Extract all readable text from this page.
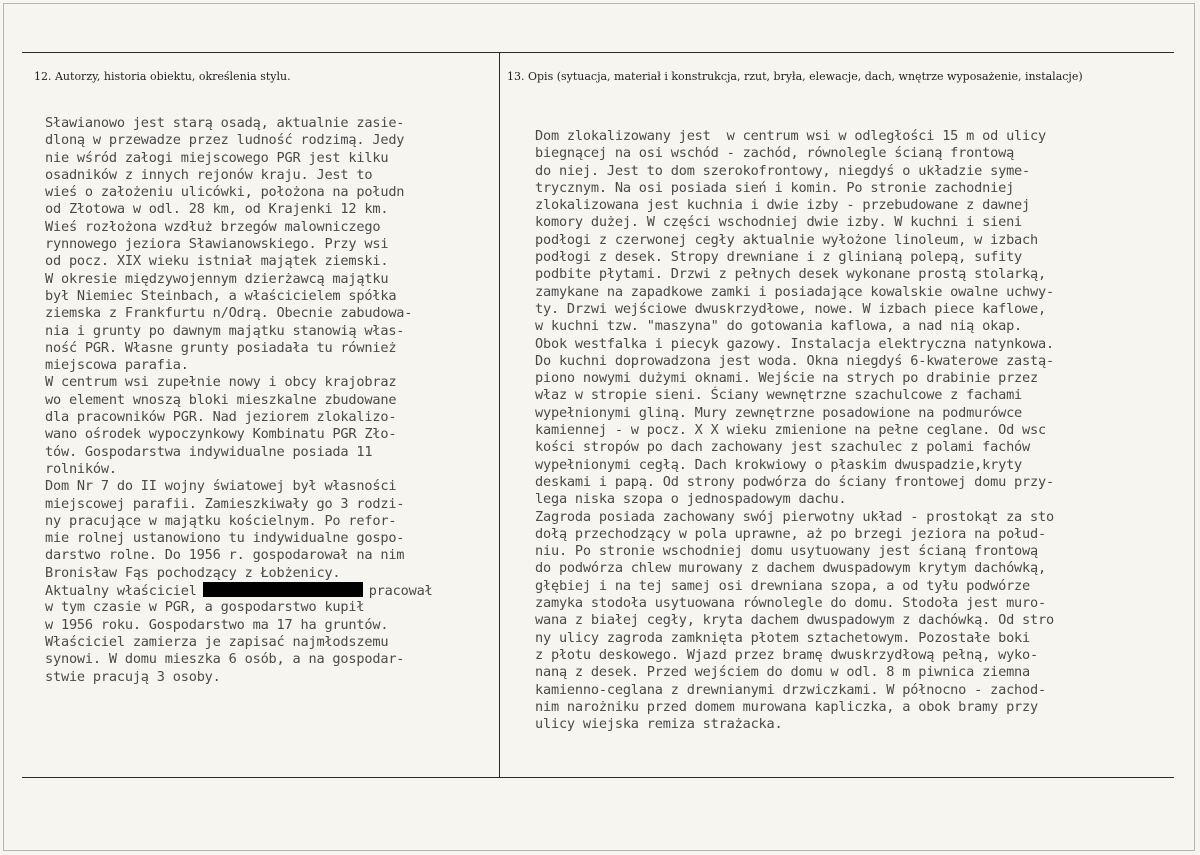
12. Autorzy, historia obiektu, określenia stylu.	13. Opis (sytuacja, materiał i konstrukcja, rzut, bryła, elewacje, dach, wnętrze wyposażenie, instalacje)
Sławianowo jest starą osadą, aktualnie zasie-
dloną w przewadze przez ludność rodzimą. Jedy
nie wśród załogi miejscowego PGR jest kilku
osadników z innych rejonów kraju. Jest to
wieś o założeniu ulicówki, położona na połudn
od Złotowa w odl. 28 km, od Krajenki 12 km.
Wieś rozłożona wzdłuż brzegów malowniczego
rynnowego jeziora Sławianowskiego. Przy wsi
od pocz. XIX wieku istniał majątek ziemski.
W okresie międzywojennym dzierżawcą majątku
był Niemiec Steinbach, a właścicielem spółka
ziemska z Frankfurtu n/Odrą. Obecnie zabudowa-
nia i grunty po dawnym majątku stanowią włas-
ność PGR. Własne grunty posiadała tu również
miejscowa parafia.
W centrum wsi zupełnie nowy i obcy krajobraz
wo element wnoszą bloki mieszkalne zbudowane
dla pracowników PGR. Nad jeziorem zlokalizo-
wano ośrodek wypoczynkowy Kombinatu PGR Zło-
tów. Gospodarstwa indywidualne posiada 11
rolników.
Dom Nr 7 do II wojny światowej był własności
miejscowej parafii. Zamieszkiwały go 3 rodzi-
ny pracujące w majątku kościelnym. Po refor-
mie rolnej ustanowiono tu indywidualne gospo-
darstwo rolne. Do 1956 r. gospodarował na nim
Bronisław Fąs pochodzący z Łobżenicy.
Aktualny właściciel	pracował
w tym czasie w PGR, a gospodarstwo kupił
w 1956 roku. Gospodarstwo ma 17 ha gruntów.
Właściciel zamierza je zapisać najmłodszemu
synowi. W domu mieszka 6 osób, a na gospodar-
stwie pracują 3 osoby.
Dom zlokalizowany jest  w centrum wsi w odległości 15 m od ulicy
biegnącej na osi wschód - zachód, równolegle ścianą frontową
do niej. Jest to dom szerokofrontowy, niegdyś o układzie syme-
trycznym. Na osi posiada sień i komin. Po stronie zachodniej
zlokalizowana jest kuchnia i dwie izby - przebudowane z dawnej
komory dużej. W części wschodniej dwie izby. W kuchni i sieni
podłogi z czerwonej cegły aktualnie wyłożone linoleum, w izbach
podłogi z desek. Stropy drewniane i z glinianą polepą, sufity
podbite płytami. Drzwi z pełnych desek wykonane prostą stolarką,
zamykane na zapadkowe zamki i posiadające kowalskie owalne uchwy-
ty. Drzwi wejściowe dwuskrzydłowe, nowe. W izbach piece kaflowe,
w kuchni tzw. "maszyna" do gotowania kaflowa, a nad nią okap.
Obok westfalka i piecyk gazowy. Instalacja elektryczna natynkowa.
Do kuchni doprowadzona jest woda. Okna niegdyś 6-kwaterowe zastą-
piono nowymi dużymi oknami. Wejście na strych po drabinie przez
właz w stropie sieni. Ściany wewnętrzne szachulcowe z fachami
wypełnionymi gliną. Mury zewnętrzne posadowione na podmurówce
kamiennej - w pocz. X X wieku zmienione na pełne ceglane. Od wsc
kości stropów po dach zachowany jest szachulec z polami fachów
wypełnionymi cegłą. Dach krokwiowy o płaskim dwuspadzie,kryty
deskami i papą. Od strony podwórza do ściany frontowej domu przy-
lega niska szopa o jednospadowym dachu.
Zagroda posiada zachowany swój pierwotny układ - prostokąt za sto
dołą przechodzący w pola uprawne, aż po brzegi jeziora na połud-
niu. Po stronie wschodniej domu usytuowany jest ścianą frontową
do podwórza chlew murowany z dachem dwuspadowym krytym dachówką,
głębiej i na tej samej osi drewniana szopa, a od tyłu podwórze
zamyka stodoła usytuowana równolegle do domu. Stodoła jest muro-
wana z białej cegły, kryta dachem dwuspadowym z dachówką. Od stro
ny ulicy zagroda zamknięta płotem sztachetowym. Pozostałe boki
z płotu deskowego. Wjazd przez bramę dwuskrzydłową pełną, wyko-
naną z desek. Przed wejściem do domu w odl. 8 m piwnica ziemna
kamienno-ceglana z drewnianymi drzwiczkami. W północno - zachod-
nim narożniku przed domem murowana kapliczka, a obok bramy przy
ulicy wiejska remiza strażacka.
